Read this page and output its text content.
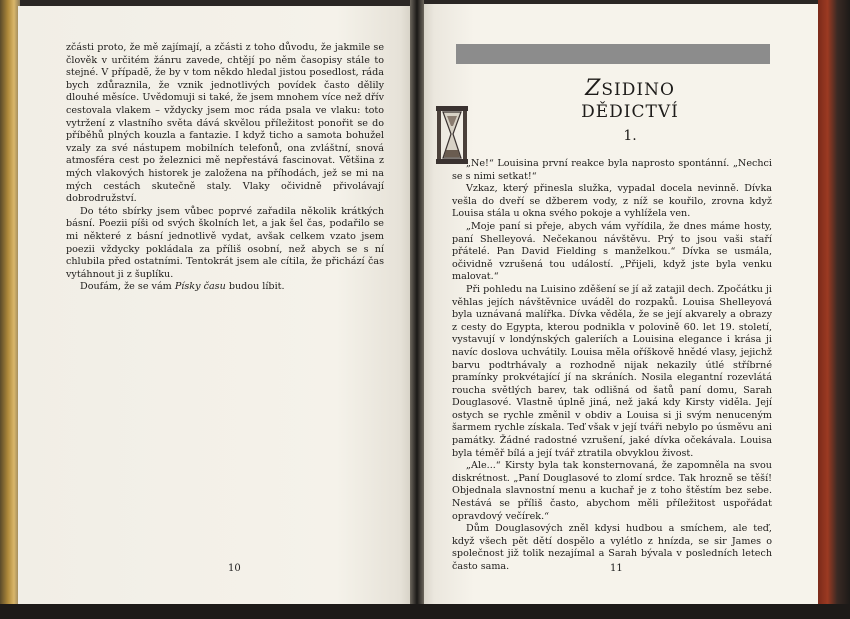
zčásti proto, že mě zajímají, a zčásti z toho důvodu, že jakmile se člověk v určitém žánru zavede, chtějí po něm časopisy stále to stejné. V případě, že by v tom někdo hledal jistou posedlost, ráda bych zdůraznila, že vznik jednotlivých povídek často dělily dlouhé měsíce. Uvědomuji si také, že jsem mnohem více než dřív cestovala vlakem – vždycky jsem moc ráda psala ve vlaku: toto vytržení z vlastního světa dává skvělou příležitost ponořit se do příběhů plných kouzla a fantazie. I když ticho a samota bohužel vzaly za své nástupem mobilních telefonů, ona zvláštní, snová atmosféra cest po železnici mě nepřestává fascinovat. Většina z mých vlakových historek je založena na příhodách, jež se mi na mých cestách skutečně staly. Vlaky očividně přivolávají dobrodružství.

Do této sbírky jsem vůbec poprvé zařadila několik krátkých básní. Poezii píši od svých školních let, a jak šel čas, podařilo se mi některé z básní jednotlivě vydat, avšak celkem vzato jsem poezii vždycky pokládala za příliš osobní, než abych se s ní chlubila před ostatními. Tentokrát jsem ale cítila, že přichází čas vytáhnout ji z šuplíku.

Doufám, že se vám Písky času budou líbit.

10
ZSIDINO
DĚDICTVÍ
1.

„Ne!“ Louisina první reakce byla naprosto spontánní. „Nechci se s nimi setkat!“

Vzkaz, který přinesla služka, vypadal docela nevinně. Dívka vešla do dveří se džberem vody, z níž se kouřilo, zrovna když Louisa stála u okna svého pokoje a vyhlížela ven.

„Moje paní si přeje, abych vám vyřídila, že dnes máme hosty, paní Shelleyová. Nečekanou návštěvu. Prý to jsou vaši staří přátelé. Pan David Fielding s manželkou.“ Dívka se usmála, očividně vzrušená tou událostí. „Přijeli, když jste byla venku malovat.“

Při pohledu na Luisino zděšení se jí až zatajil dech. Zpočátku ji věhlas jejích návštěvnice uváděl do rozpaků. Louisa Shelleyová byla uznávaná malířka. Dívka věděla, že se její akvarely a obrazy z cesty do Egypta, kterou podnikla v polovině 60. let 19. století, vystavují v londýnských galeriích a Louisina elegance i krása ji navíc doslova uchvátily. Louisa měla oříškově hnědé vlasy, jejichž barvu podtrhávaly a rozhodně nijak nekazily útlé stříbrné pramínky prokvétající jí na skráních. Nosila elegantní rozevlátá roucha světlých barev, tak odlišná od šatů paní domu, Sarah Douglasové. Vlastně úplně jiná, než jaká kdy Kirsty viděla. Její ostych se rychle změnil v obdiv a Louisa si ji svým nenuceným šarmem rychle získala. Teď však v její tváři nebylo po úsměvu ani památky. Žádné radostné vzrušení, jaké dívka očekávala. Louisa byla téměř bílá a její tvář ztratila obvyklou živost.

„Ale...“ Kirsty byla tak konsternovaná, že zapomněla na svou diskrétnost. „Paní Douglasové to zlomí srdce. Tak hrozně se těší! Objednala slavnostní menu a kuchař je z toho štěstím bez sebe. Nestává se příliš často, abychom měli příležitost uspořádat opravdový večírek.“

Dům Douglasových zněl kdysi hudbou a smíchem, ale teď, když všech pět dětí dospělo a vylétlo z hnízda, se sir James o společnost již tolik nezajímal a Sarah bývala v posledních letech často sama.	11
